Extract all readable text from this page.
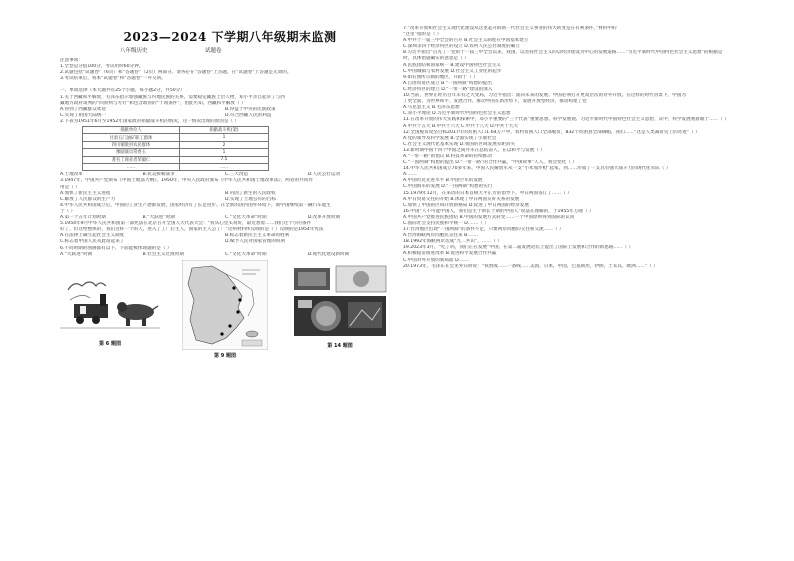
2023—2024 下学期八年级期末监测
八年级历史	试题卷
注意事项：
1.全卷总分值100分，考试用时60分钟。
2.试题包括“试题卷”（6页）和“答题卷”（2页）两部分。请务必在“答题卷”上答题，在“试题卷”上答题是无效的。
3.考试结束后，将本“试题卷”和“答题卷”一并交回。
一、单项选择（本大题共有25个小题，每小题2分，共50分）
1.关于西藏和平解放，毛泽东指示加强藏族与内地民族的关系，需要稳定藏族上层人物，邓小平亲自起草了与西
藏地方政府谈判的“四原则与方针”和包含政府的“十项条件”，由此可知，西藏和平解放（ ）
A.得到了西藏群众欢迎	B.得益于中央的民族政策
C.实现了祖国大陆统一	D.符合西藏人民的利益
2.下表为1951年6月至1952年国家政府捐献战斗机的情况，这一情况出现的原因是（ ）
捐献单位人	捐献战斗机(架)
甘肃五门油矿职工群体	1
四川铜梁县农民群体	2
豫剧演员常香玉	1
著名工商业者荣毅仁	7.5
……	……
A.土地改革	B.抗美援朝战争	C.三大改造	D.人民公社运动
3.1947年，中国共产党颁布《中国土地法大纲》，1950年，中央人民政府颁布《中华人民共和国土地改革法》，两者的共同作
用是（ ）
A.加快了新民主主义进程	B.巩固了新生的人民政权
C.解放了人民群众的生产力	D.实现了土地公有的目标
4.中华人民共和国成立后，中国的工业生产逐渐发展，国家经济有了长足进步。在全新的国内国外环境下，新中国继续第一辆汽车诞生
于（ ）
A.第一个五年计划时期	B.“大跃进”时期	C.“文化大革命”时期	D.改革开放时期
5.1954年9月中华人民共和国第一部宪法在北京召开全国人大代表大会：“我从心里头说好，最近想着……我们这个小的条件
好了，但这给整体的，我们这样一个的人，进入了工厂后主人，国家的主人公了！”这则材料所反映的是（ ）反映的是1954年宪法
A.在法律上确立起社会主义制度	B.标志着新民主主义革命的胜利
C.标志着中国人民从此站起来了	D.赋予人民对国家管理的权利
6.不同时期的图画都有以下，下面能被体现题的是（ ）
A.“大跃进”时期	B.社会主义过渡时期	C.“文化大革命”时期	D.现代化建设新时期
第 6 题图
第 9 题图
第 14 题图
7.“改革开放和社会主义现代化建设从这里起开辟新一代社会主义事业的伟大转变是在有利条件。”材料中的
“这里”指的是（ ）
A.中共十一届三中全会的召开 B.社会主义制度在中国基本建立
C.深圳等四个经济特区的设立 D.农村人民公社制度的确立
8.习近平指出“首先了一党的十一届三中全会以来，我国，以坚持社会主义的以经济建设为中心的发展道路……”习近平新时代中国特色社会主义思想”的根据是
时，具体措施确实的意思是（ ）
A.民族团结和国家统一 B.建设中国特色社会主义
C.中国城镇与农村发展 D.社会主义工业化的起步
9.如右图所示画的地区，开辟于（ ）
A.自由贸易区成立 B.“一国两制”构想的提出
C.经济特区的建立 D.“一带一路”建设的深入
10.当前，世界正经历百年未有之大变局，习近平指出：面向未来的发展。中国必须打开更高层次的对外开放。在这样的时代背景下，中国为
了更全面、为世界和平、发展合作、推动中国在新形势下，发展开放型经济，推动构建了党
A.马克思主义 B.毛泽东思想
C.邓小平理论 D.习近平新时代中国特色社会主义思想
11.在改革开放的伟大实践和探索中，邓小平重要的“三个代表”重要思想、科学发展观、习近平新时代中国特色社会主义思想，其中，科学发展观着眼于……（ ）
A.中共十五大 B.中共十六大 C.中共十八大 D.中共十九大
12.全国脱贫攻坚目标2017年的贫困人口1.64万户中，农村贫困人口全部脱贫，832个贫困县全部摘帽，我们……“这是人类减贫史上的奇迹”（ ）
A.党的领导及科学发展 B.全面实现了小康社会
C.社会主义现代化基本实现 D.我国的区域发展差距消失
13.新时期中国十四个中国之间并未在总结前人，在以和平与发展（ ）
A.“一带一路”的倡议 B.科技革命的持续推动
C.“一国两制”构想的提出 D.“一带一路”的合作共赢，“中国故事”人人，将会变化（ ）
14.中华人民共和国成立70多年来，中国人民解放军从一支“小米加步枪”起家，到……形成了一支具有强大战斗力的现代化军队（ ）
A.……
A.中国坦克先进水平 B.中国空军的发展
C.中国海军的发展 D.“一国两制”构想的实行
15.1979年12月，在来访的日本首相大平正芳的倡导下，中日两国签订了……（ ）
A.中日贸易交往的开始 B.体现了中日两国友好关系的发展
C.加快了中国的区域开放新格局 D.促进了中日两国的经济发展
16.中国“人不可能中国人，我们是生于斯长于斯的中国人”说法在理解的，于1955年万隆（ ）
A.中国共产党推进民族团结 B.中国的发展方式转变……一个中国原则得到国际的认同
C.国际社会支持民族和平统一 D.……（ ）
17.台湾地区出现“一国两制”的条件不足，只要两岸同胞的交往和交流……（ ）
A.台湾海峡两岸同胞民众往来 B.……
18.1992年海峡两岸达成“九二共识”，……（ ）
19.2023年3月，“吃了吗，我们正在发展”中国，在第二届发展论坛上提出了国际上发展和合作的新思路……（ ）
A.积极稳妥推进改革 B.促进和平发展合作共赢
C.中国对外开放的新局面 D.……
20.1973年，毛泽东在会见外宾时说：“我赞成……一条线……美国，日本，中国，巴基斯坦，伊朗，土耳其，欧洲……”（ ）
